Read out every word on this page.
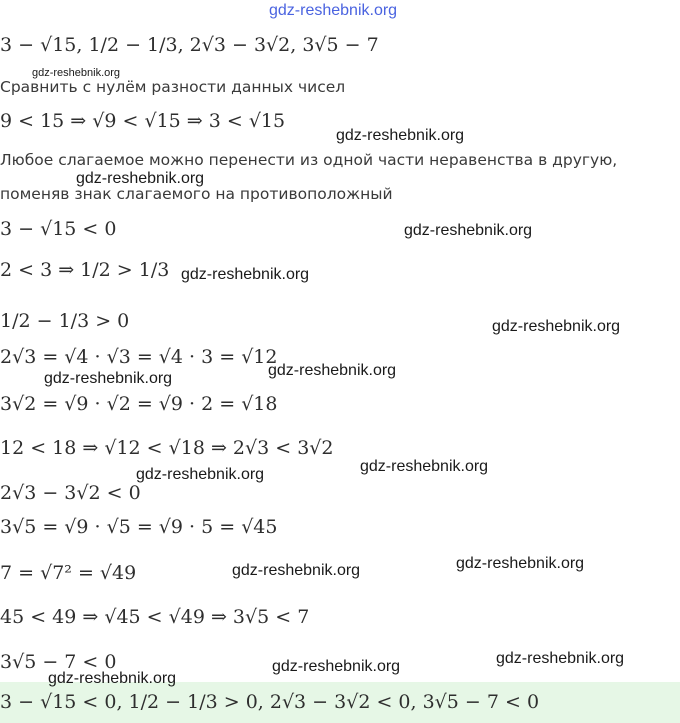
3 − √15, 1/2 − 1/3, 2√3 − 3√2, 3√5 − 7
Сравнить с нулём разности данных чисел
9 < 15 ⇒ √9 < √15 ⇒ 3 < √15
Любое слагаемое можно перенести из одной части неравенства в другую,
поменяв знак слагаемого на противоположный
3 − √15 < 0
2 < 3 ⇒ 1/2 > 1/3
1/2 − 1/3 > 0
2√3 = √4 · √3 = √4 · 3 = √12
3√2 = √9 · √2 = √9 · 2 = √18
12 < 18 ⇒ √12 < √18 ⇒ 2√3 < 3√2
2√3 − 3√2 < 0
3√5 = √9 · √5 = √9 · 5 = √45
7 = √7² = √49
45 < 49 ⇒ √45 < √49 ⇒ 3√5 < 7
3√5 − 7 < 0
3 − √15 < 0, 1/2 − 1/3 > 0, 2√3 − 3√2 < 0, 3√5 − 7 < 0
gdz-reshebnik.org
gdz-reshebnik.org
gdz-reshebnik.org
gdz-reshebnik.org
gdz-reshebnik.org
gdz-reshebnik.org
gdz-reshebnik.org
gdz-reshebnik.org
gdz-reshebnik.org
gdz-reshebnik.org
gdz-reshebnik.org
gdz-reshebnik.org
gdz-reshebnik.org
gdz-reshebnik.org
gdz-reshebnik.org
gdz-reshebnik.org
